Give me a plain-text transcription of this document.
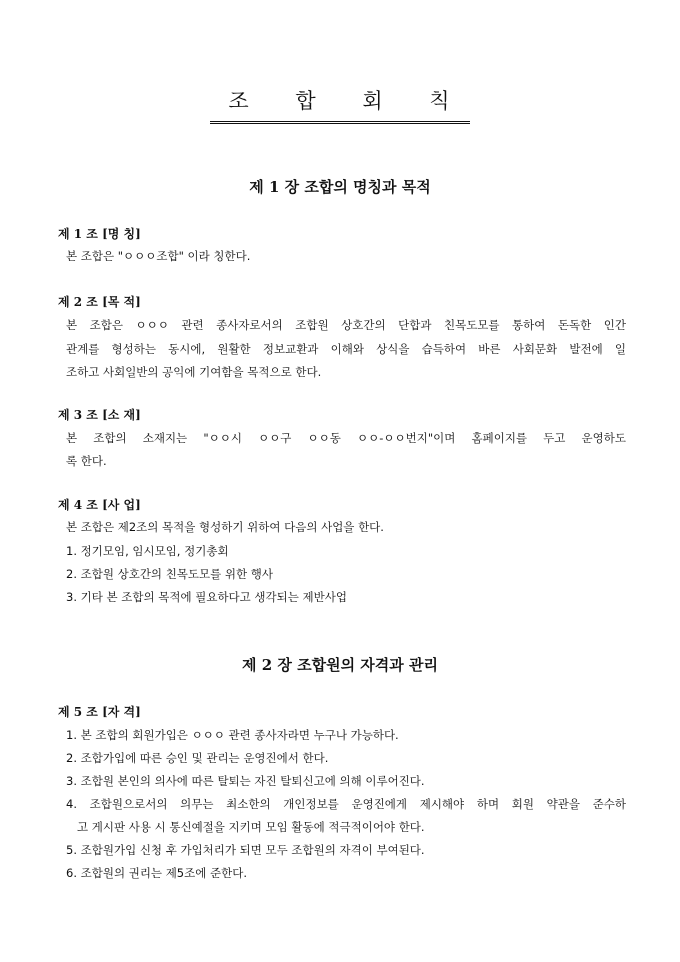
조 합 회 칙
제 1 장 조합의 명칭과 목적
제 1 조 [명 칭]
본 조합은 "ㅇㅇㅇ조합" 이라 칭한다.
제 2 조 [목 적]
본 조합은 ㅇㅇㅇ 관련 종사자로서의 조합원 상호간의 단합과 친목도모를 통하여 돈독한 인간
관계를 형성하는 동시에, 원활한 정보교환과 이해와 상식을 습득하여 바른 사회문화 발전에 일
조하고 사회일반의 공익에 기여함을 목적으로 한다.
제 3 조 [소 재]
본 조합의 소재지는 "ㅇㅇ시 ㅇㅇ구 ㅇㅇ동 ㅇㅇ-ㅇㅇ번지"이며 홈페이지를 두고 운영하도
록 한다.
제 4 조 [사 업]
본 조합은 제2조의 목적을 형성하기 위하여 다음의 사업을 한다.
1. 정기모임, 임시모임, 정기총회
2. 조합원 상호간의 친목도모를 위한 행사
3. 기타 본 조합의 목적에 필요하다고 생각되는 제반사업
제 2 장 조합원의 자격과 관리
제 5 조 [자 격]
1. 본 조합의 회원가입은 ㅇㅇㅇ 관련 종사자라면 누구나 가능하다.
2. 조합가입에 따른 승인 및 관리는 운영진에서 한다.
3. 조합원 본인의 의사에 따른 탈퇴는 자진 탈퇴신고에 의해 이루어진다.
4. 조합원으로서의 의무는 최소한의 개인정보를 운영진에게 제시해야 하며 회원 약관을 준수하
고 게시판 사용 시 통신예절을 지키며 모임 활동에 적극적이어야 한다.
5. 조합원가입 신청 후 가입처리가 되면 모두 조합원의 자격이 부여된다.
6. 조합원의 권리는 제5조에 준한다.
